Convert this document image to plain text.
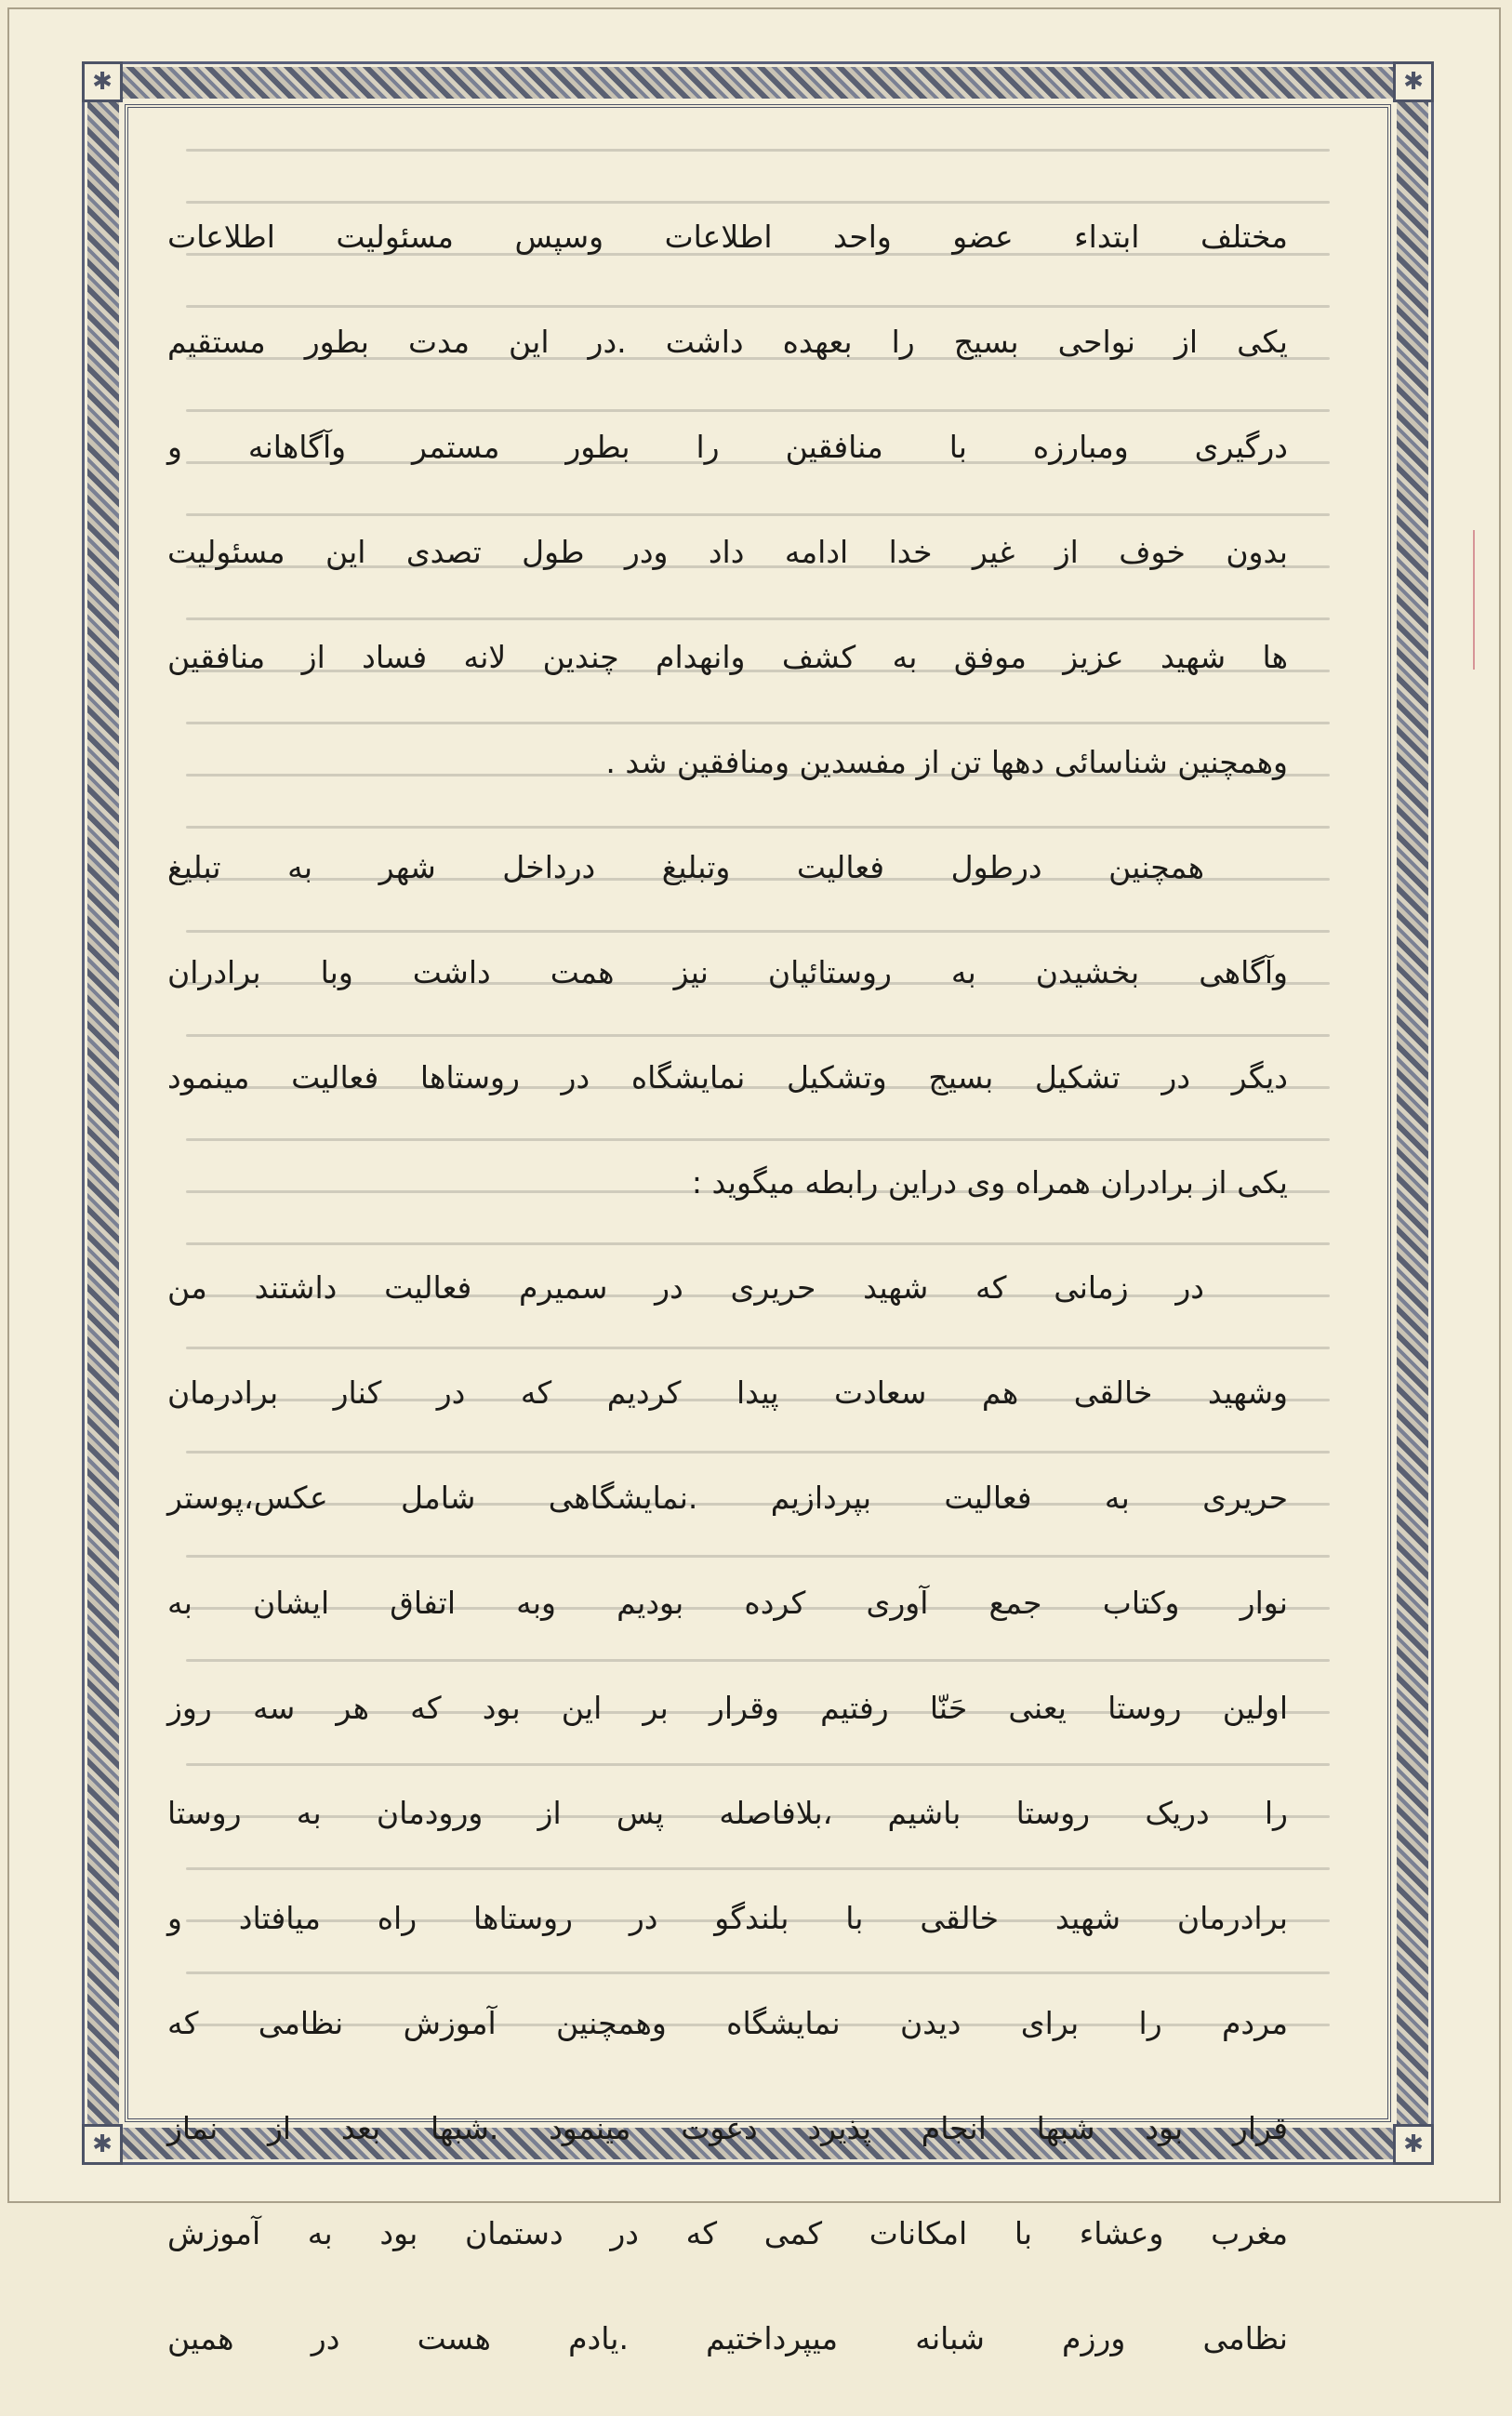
✱	✱
✱	✱
مختلف ابتداء عضو واحد اطلاعات وسپس مسئولیت اطلاعات
یکی از نواحی بسیج را بعهده داشت .در این مدت بطور مستقیم
درگیری ومبارزه با منافقین را بطور مستمر وآگاهانه و
بدون خوف از غیر خدا ادامه داد ودر طول تصدی این مسئولیت
ها شهید عزیز موفق به کشف وانهدام چندین لانه فساد از منافقین
وهمچنین شناسائی دهها تن از مفسدین ومنافقین شد .
همچنین درطول فعالیت وتبلیغ درداخل شهر به تبلیغ
وآگاهی بخشیدن به روستائیان نیز همت داشت وبا برادران
دیگر در تشکیل بسیج وتشکیل نمایشگاه در روستاها فعالیت مینمود
یکی از برادران همراه وی دراین رابطه میگوید :
در زمانی که شهید حریری در سمیرم فعالیت داشتند من
وشهید خالقی هم سعادت پیدا کردیم که در کنار برادرمان
حریری به فعالیت بپردازیم .نمایشگاهی شامل عکس،پوستر
نوار وکتاب جمع آوری کرده بودیم وبه اتفاق ایشان به
اولین روستا یعنی حَنّا رفتیم وقرار بر این بود که هر سه روز
را دریک روستا باشیم ،بلافاصله پس از ورودمان به روستا
برادرمان شهید خالقی با بلندگو در روستاها راه میافتاد و
مردم را برای دیدن نمایشگاه وهمچنین آموزش نظامی که
قرار بود شبها انجام پذیرد دعوت مینمود .شبها بعد از نماز
مغرب وعشاء با امکانات کمی که در دستمان بود به آموزش
نظامی ورزم شبانه میپرداختیم .یادم هست در همین
